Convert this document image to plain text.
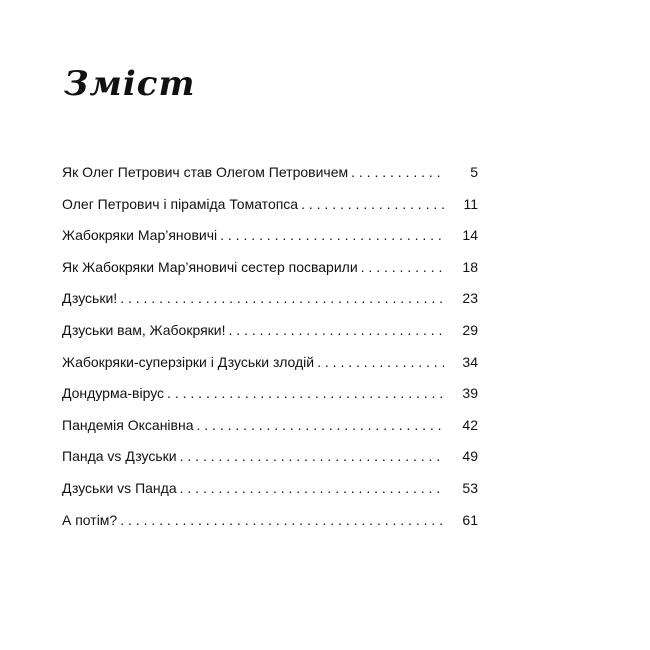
Зміст
Як Олег Петрович став Олегом Петровичем . . .	5
Олег Петрович і піраміда Томатопса . . .	11
Жабокряки Мар’яновичі . . .	14
Як Жабокряки Мар’яновичі сестер посварили . . .	18
Дзуськи! . . .	23
Дзуськи вам, Жабокряки! . . .	29
Жабокряки-суперзірки і Дзуськи злодій . . .	34
Дондурма-вірус . . .	39
Пандемія Оксанівна . . .	42
Панда vs Дзуськи . . .	49
Дзуськи vs Панда . . .	53
А потім? . . .	61
